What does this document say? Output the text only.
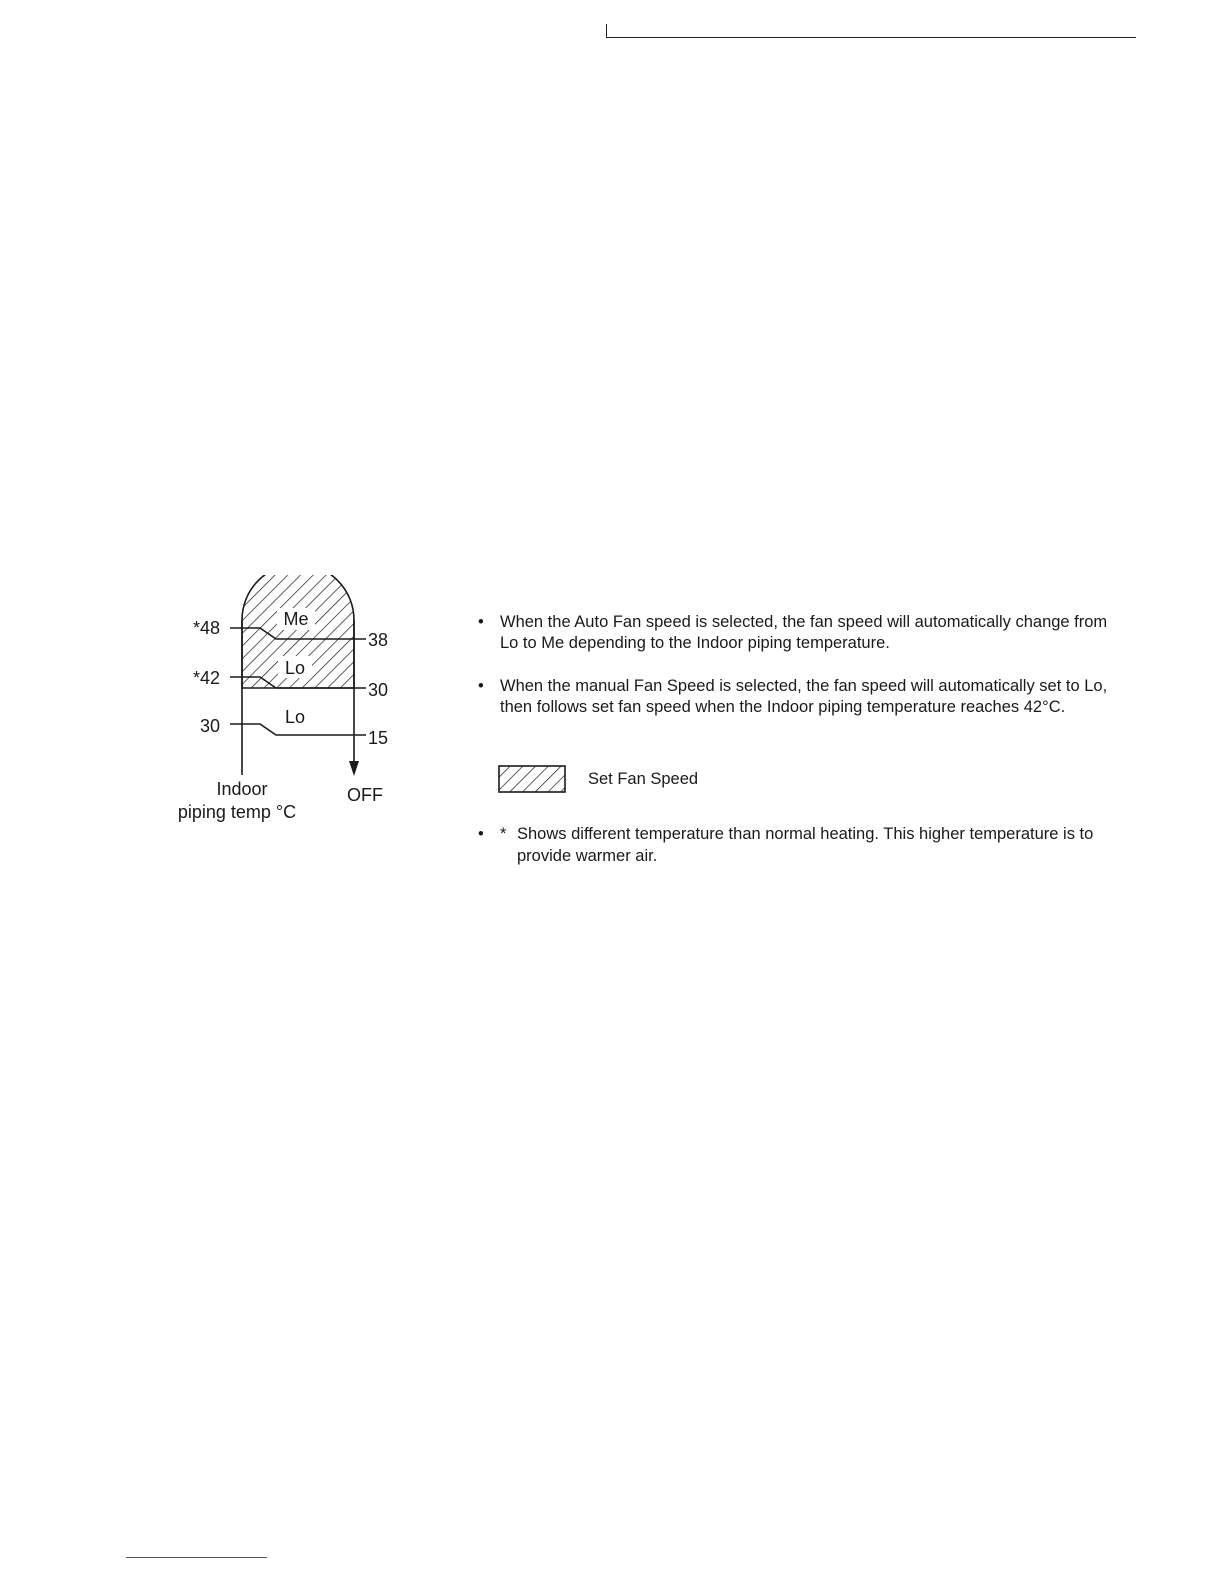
*48
*42
30
38
30
15
Me
Lo
Lo
OFF
Indoor
piping temp °C

• When the Auto Fan speed is selected, the fan speed will automatically change from Lo to Me depending to the Indoor piping temperature.

• When the manual Fan Speed is selected, the fan speed will automatically set to Lo, then follows set fan speed when the Indoor piping temperature reaches 42°C.

Set Fan Speed

• * Shows different temperature than normal heating. This higher temperature is to provide warmer air.
